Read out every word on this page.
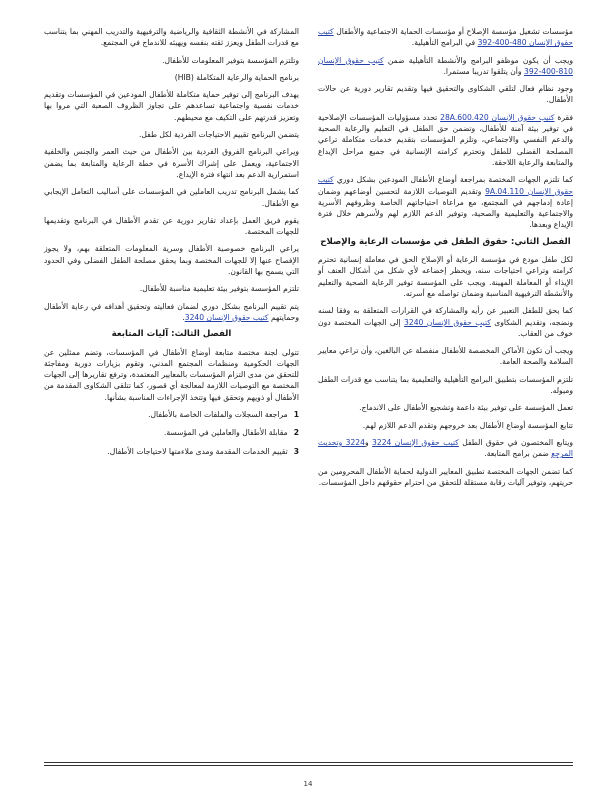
مؤسسات تشغيل مؤسسة الإصلاح أو مؤسسات الحماية الاجتماعية والأطفال كتيب حقوق الإنسان 480-400-392 في البرامج التأهيلية.

ويجب أن يكون موظفو البرامج والأنشطة التأهيلية ضمن كتيب حقوق الإنسان 810-400-392 وأن يتلقوا تدريبا مستمرا.

وجود نظام فعال لتلقي الشكاوى والتحقيق فيها وتقديم تقارير دورية عن حالات الأطفال.

فقرة كتيب حقوق الإنسان 28A.600.420 تحدد مسؤوليات المؤسسات الإصلاحية في توفير بيئة آمنة للأطفال، وتضمن حق الطفل في التعليم والرعاية الصحية والدعم النفسي والاجتماعي، وتلزم المؤسسات بتقديم خدمات متكاملة تراعي المصلحة الفضلى للطفل وتحترم كرامته الإنسانية في جميع مراحل الإيداع والمتابعة والرعاية اللاحقة.

كما تلتزم الجهات المختصة بمراجعة أوضاع الأطفال المودعين بشكل دوري كتيب حقوق الإنسان 9A.04.110 وتقديم التوصيات اللازمة لتحسين أوضاعهم وضمان إعادة إدماجهم في المجتمع، مع مراعاة احتياجاتهم الخاصة وظروفهم الأسرية والاجتماعية والتعليمية والصحية، وتوفير الدعم اللازم لهم ولأسرهم خلال فترة الإيداع وبعدها.

الفصل الثاني: حقوق الطفل في مؤسسات الرعاية والإصلاح

لكل طفل مودع في مؤسسة الرعاية أو الإصلاح الحق في معاملة إنسانية تحترم كرامته وتراعي احتياجات سنه، ويحظر إخضاعه لأي شكل من أشكال العنف أو الإيذاء أو المعاملة المهينة. ويجب على المؤسسة توفير الرعاية الصحية والتعليم والأنشطة الترفيهية المناسبة وضمان تواصله مع أسرته.

كما يحق للطفل التعبير عن رأيه والمشاركة في القرارات المتعلقة به وفقا لسنه ونضجه، وتقديم الشكاوى كتيب حقوق الإنسان 3240 إلى الجهات المختصة دون خوف من العقاب.

ويجب أن تكون الأماكن المخصصة للأطفال منفصلة عن البالغين، وأن تراعي معايير السلامة والصحة العامة.

تلتزم المؤسسات بتطبيق البرامج التأهيلية والتعليمية بما يتناسب مع قدرات الطفل وميوله.

تعمل المؤسسة على توفير بيئة داعمة وتشجيع الأطفال على الاندماج.

تتابع المؤسسة أوضاع الأطفال بعد خروجهم وتقدم الدعم اللازم لهم.

ويتابع المختصون في حقوق الطفل كتيب حقوق الإنسان 3224 و3224 وتحديث المرجع ضمن برامج المتابعة.

كما تضمن الجهات المختصة تطبيق المعايير الدولية لحماية الأطفال المحرومين من حريتهم، وتوفير آليات رقابة مستقلة للتحقق من احترام حقوقهم داخل المؤسسات.

المشاركة في الأنشطة الثقافية والرياضية والترفيهية والتدريب المهني بما يتناسب مع قدرات الطفل ويعزز ثقته بنفسه ويهيئه للاندماج في المجتمع.

وتلتزم المؤسسة بتوفير المعلومات للأطفال.

برنامج الحماية والرعاية المتكاملة (HIB)

يهدف البرنامج إلى توفير حماية متكاملة للأطفال المودعين في المؤسسات وتقديم خدمات نفسية واجتماعية تساعدهم على تجاوز الظروف الصعبة التي مروا بها وتعزيز قدرتهم على التكيف مع محيطهم.

يتضمن البرنامج تقييم الاحتياجات الفردية لكل طفل.

ويراعي البرنامج الفروق الفردية بين الأطفال من حيث العمر والجنس والخلفية الاجتماعية، ويعمل على إشراك الأسرة في خطة الرعاية والمتابعة بما يضمن استمرارية الدعم بعد انتهاء فترة الإيداع.

كما يشمل البرنامج تدريب العاملين في المؤسسات على أساليب التعامل الإيجابي مع الأطفال.

يقوم فريق العمل بإعداد تقارير دورية عن تقدم الأطفال في البرنامج وتقديمها للجهات المختصة.

يراعي البرنامج خصوصية الأطفال وسرية المعلومات المتعلقة بهم، ولا يجوز الإفصاح عنها إلا للجهات المختصة وبما يحقق مصلحة الطفل الفضلى وفي الحدود التي يسمح بها القانون.

تلتزم المؤسسة بتوفير بيئة تعليمية مناسبة للأطفال.

يتم تقييم البرنامج بشكل دوري لضمان فعاليته وتحقيق أهدافه في رعاية الأطفال وحمايتهم كتيب حقوق الإنسان 3240.

الفصل الثالث: آليات المتابعة

تتولى لجنة مختصة متابعة أوضاع الأطفال في المؤسسات، وتضم ممثلين عن الجهات الحكومية ومنظمات المجتمع المدني، وتقوم بزيارات دورية ومفاجئة للتحقق من مدى التزام المؤسسات بالمعايير المعتمدة، وترفع تقاريرها إلى الجهات المختصة مع التوصيات اللازمة لمعالجة أي قصور، كما تتلقى الشكاوى المقدمة من الأطفال أو ذويهم وتحقق فيها وتتخذ الإجراءات المناسبة بشأنها.

1
مراجعة السجلات والملفات الخاصة بالأطفال.
2
مقابلة الأطفال والعاملين في المؤسسة.
3
تقييم الخدمات المقدمة ومدى ملاءمتها لاحتياجات الأطفال.
14
